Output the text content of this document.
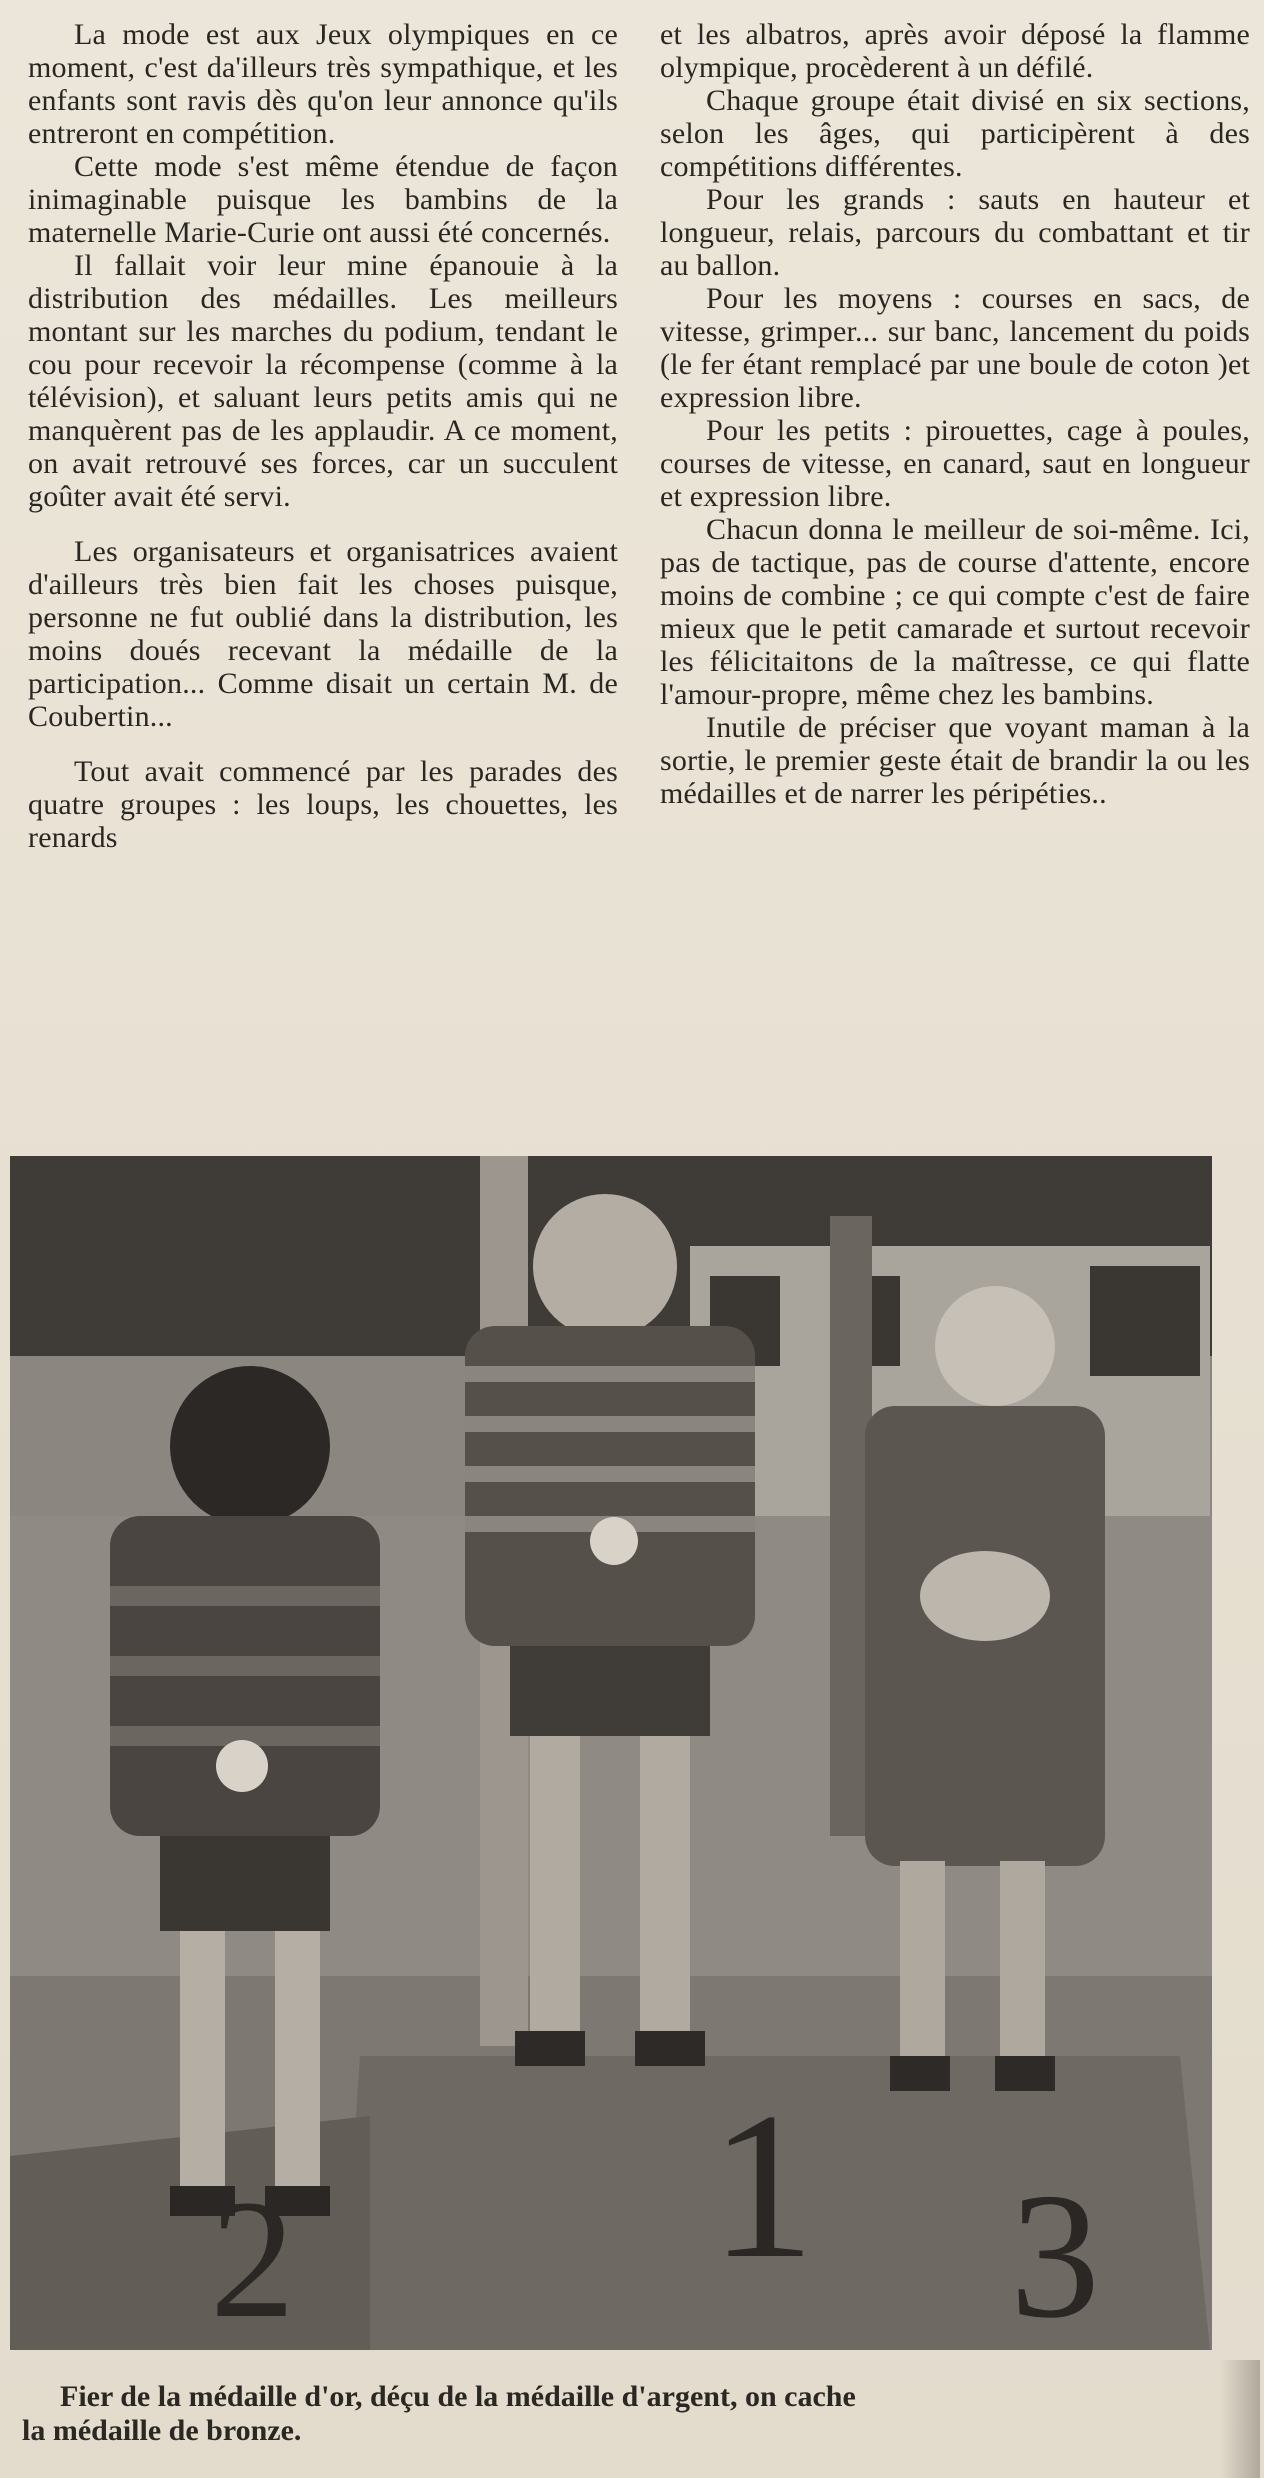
La mode est aux Jeux olympiques en ce moment, c'est da'illeurs très sympathique, et les enfants sont ravis dès qu'on leur annonce qu'ils entreront en compétition.

Cette mode s'est même étendue de façon inimaginable puisque les bambins de la maternelle Marie-Curie ont aussi été concernés.

Il fallait voir leur mine épanouie à la distribution des médailles. Les meilleurs montant sur les marches du podium, tendant le cou pour recevoir la récompense (comme à la télévision), et saluant leurs petits amis qui ne manquèrent pas de les applaudir. A ce moment, on avait retrouvé ses forces, car un succulent goûter avait été servi.

Les organisateurs et organisatrices avaient d'ailleurs très bien fait les choses puisque, personne ne fut oublié dans la distribution, les moins doués recevant la médaille de la participation... Comme disait un certain M. de Coubertin...

Tout avait commencé par les parades des quatre groupes : les loups, les chouettes, les renards

et les albatros, après avoir déposé la flamme olympique, procèderent à un défilé.

Chaque groupe était divisé en six sections, selon les âges, qui participèrent à des compétitions différentes.

Pour les grands : sauts en hauteur et longueur, relais, parcours du combattant et tir au ballon.

Pour les moyens : courses en sacs, de vitesse, grimper... sur banc, lancement du poids (le fer étant remplacé par une boule de coton )et expression libre.

Pour les petits : pirouettes, cage à poules, courses de vitesse, en canard, saut en longueur et expression libre.

Chacun donna le meilleur de soi-même. Ici, pas de tactique, pas de course d'attente, encore moins de combine ; ce qui compte c'est de faire mieux que le petit camarade et surtout recevoir les félicitaitons de la maîtresse, ce qui flatte l'amour-propre, même chez les bambins.

Inutile de préciser que voyant maman à la sortie, le premier geste était de brandir la ou les médailles et de narrer les péripéties..

2 1 3
Fier de la médaille d'or, déçu de la médaille d'argent, on cache
la médaille de bronze.
